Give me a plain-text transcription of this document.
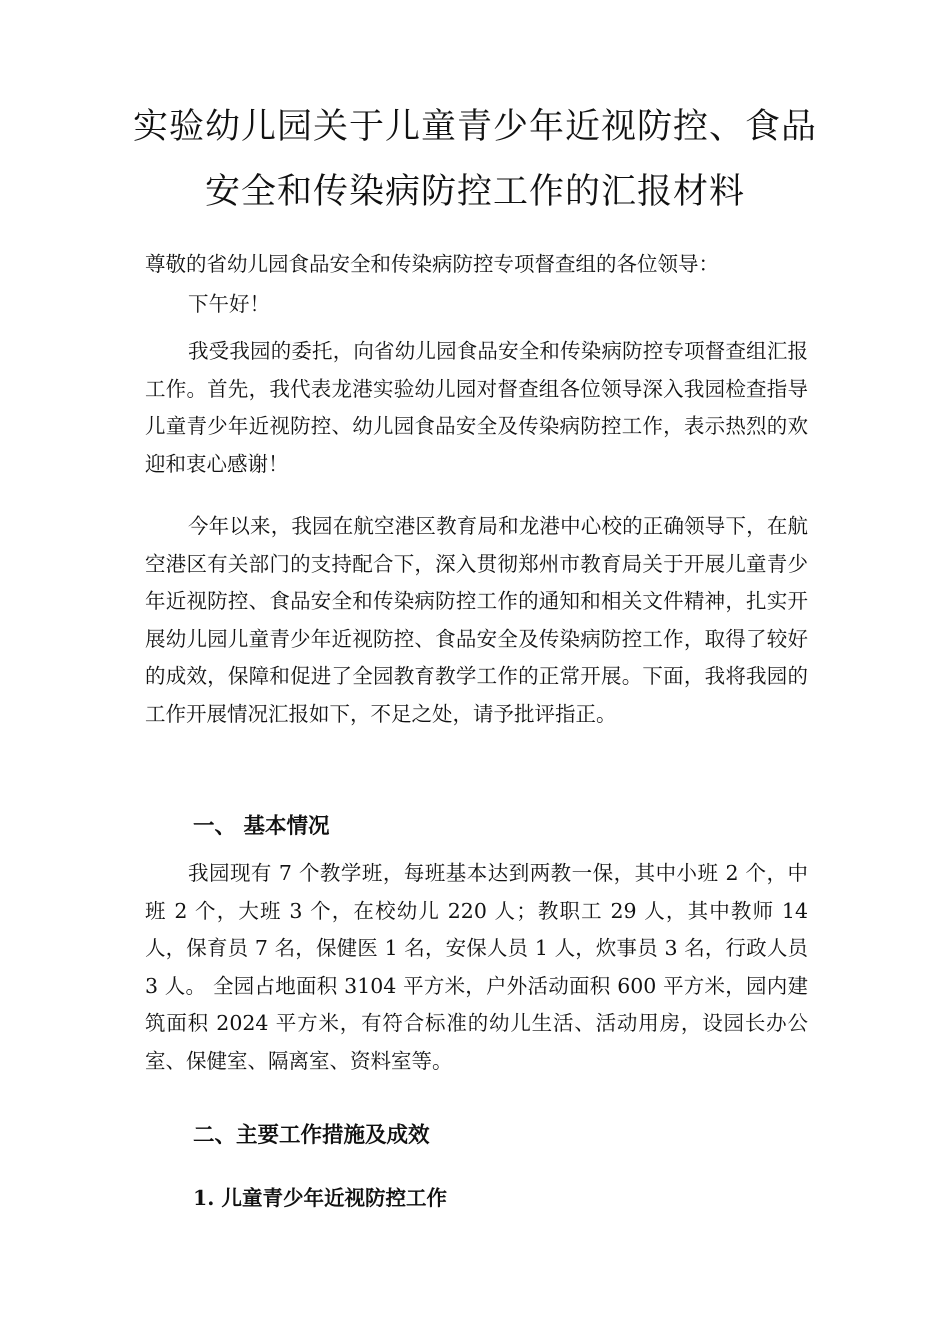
实验幼儿园关于儿童青少年近视防控、食品
安全和传染病防控工作的汇报材料

尊敬的省幼儿园食品安全和传染病防控专项督查组的各位领导：

下午好！

我受我园的委托，向省幼儿园食品安全和传染病防控专项督查组汇报工作。首先，我代表龙港实验幼儿园对督查组各位领导深入我园检查指导儿童青少年近视防控、幼儿园食品安全及传染病防控工作，表示热烈的欢迎和衷心感谢！

今年以来，我园在航空港区教育局和龙港中心校的正确领导下，在航空港区有关部门的支持配合下，深入贯彻郑州市教育局关于开展儿童青少年近视防控、食品安全和传染病防控工作的通知和相关文件精神，扎实开展幼儿园儿童青少年近视防控、食品安全及传染病防控工作，取得了较好的成效，保障和促进了全园教育教学工作的正常开展。下面，我将我园的工作开展情况汇报如下，不足之处，请予批评指正。

一、 基本情况

我园现有 7 个教学班，每班基本达到两教一保，其中小班 2 个，中班 2 个，大班 3 个，在校幼儿 220 人；教职工 29 人，其中教师 14 人，保育员 7 名，保健医 1 名，安保人员 1 人，炊事员 3 名，行政人员 3 人。 全园占地面积 3104 平方米，户外活动面积 600 平方米，园内建筑面积 2024 平方米，有符合标准的幼儿生活、活动用房，设园长办公室、保健室、隔离室、资料室等。

二、主要工作措施及成效
1. 儿童青少年近视防控工作
